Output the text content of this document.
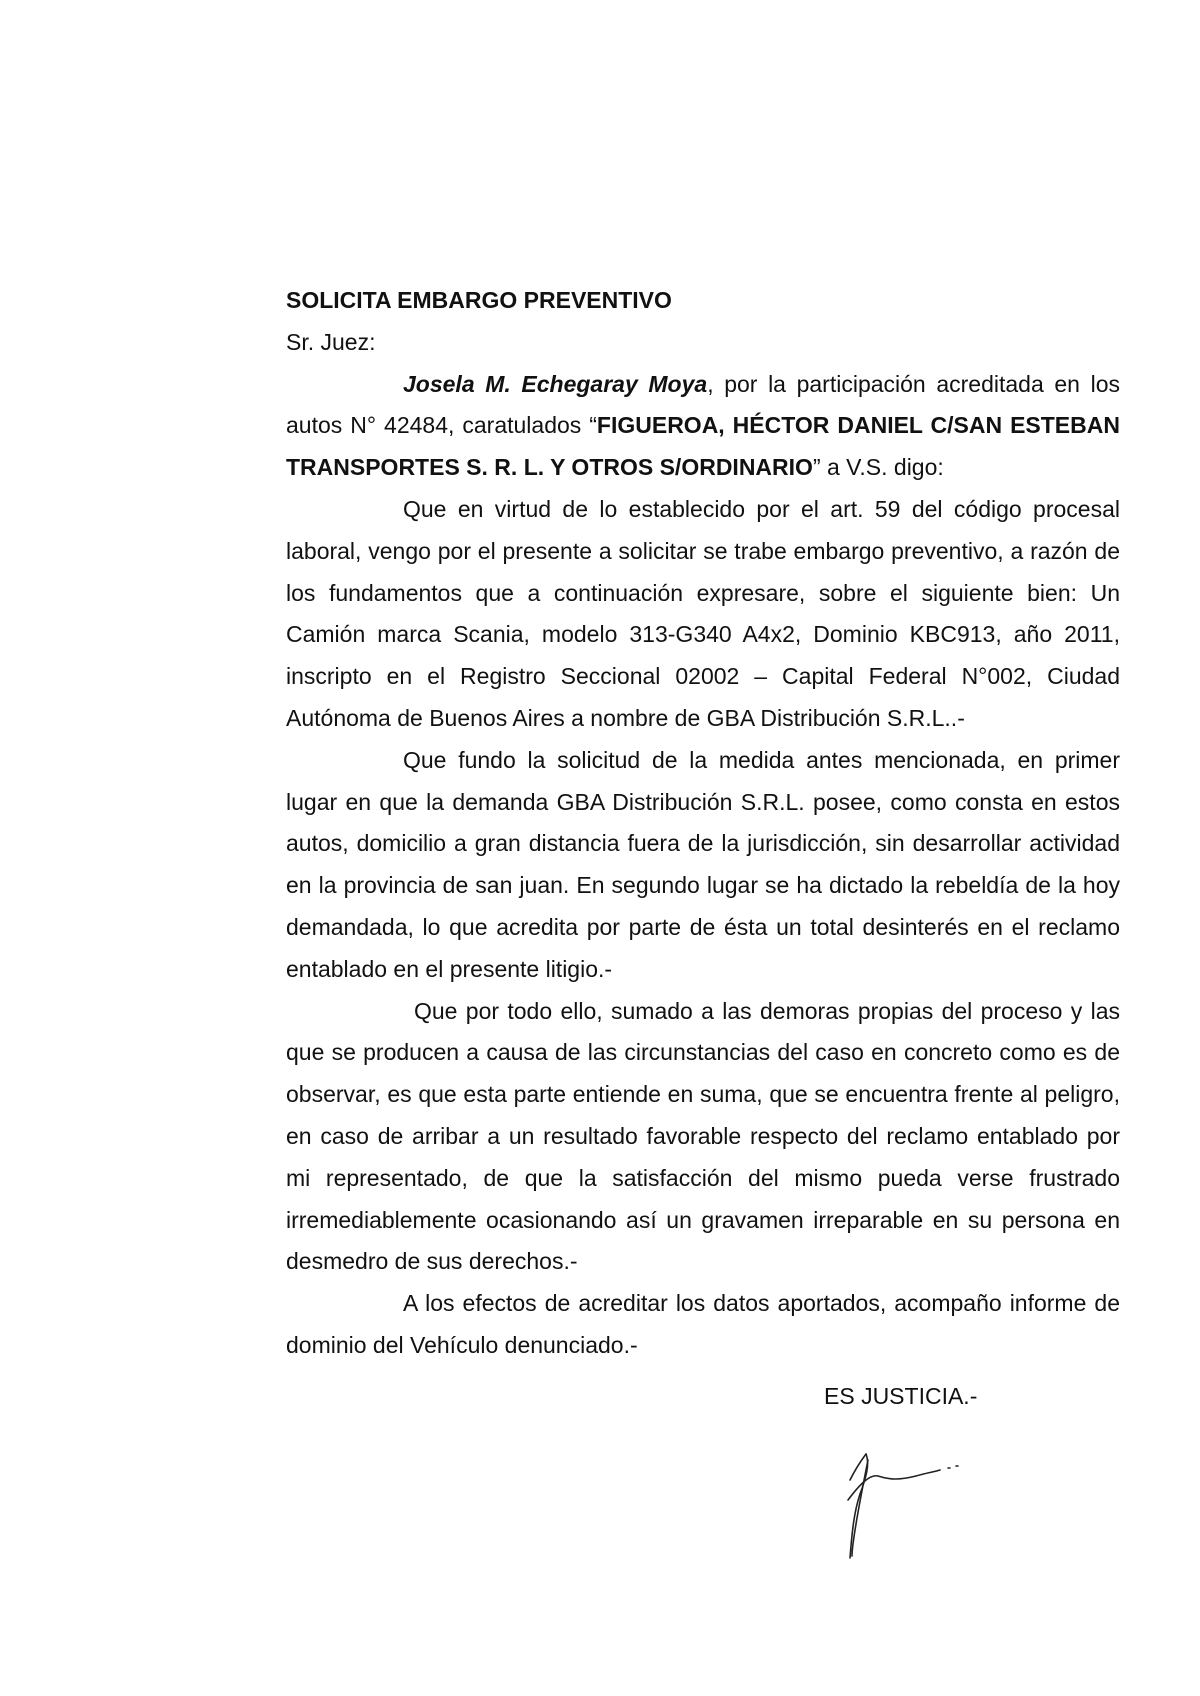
SOLICITA EMBARGO PREVENTIVO

Sr. Juez:

Josela M. Echegaray Moya, por la participación acreditada en los autos N° 42484, caratulados “FIGUEROA, HÉCTOR DANIEL C/SAN ESTEBAN TRANSPORTES S. R. L. Y OTROS S/ORDINARIO” a V.S. digo:

Que en virtud de lo establecido por el art. 59 del código procesal laboral, vengo por el presente a solicitar se trabe embargo preventivo, a razón de los fundamentos que a continuación expresare, sobre el siguiente bien: Un Camión marca Scania, modelo 313-G340 A4x2, Dominio KBC913, año 2011, inscripto en el Registro Seccional 02002 – Capital Federal N°002, Ciudad Autónoma de Buenos Aires a nombre de GBA Distribución S.R.L..-

Que fundo la solicitud de la medida antes mencionada, en primer lugar en que la demanda GBA Distribución S.R.L. posee, como consta en estos autos, domicilio a gran distancia fuera de la jurisdicción, sin desarrollar actividad en la provincia de san juan. En segundo lugar se ha dictado la rebeldía de la hoy demandada, lo que acredita por parte de ésta un total desinterés en el reclamo entablado en el presente litigio.-

Que por todo ello, sumado a las demoras propias del proceso y las que se producen a causa de las circunstancias del caso en concreto como es de observar, es que esta parte entiende en suma, que se encuentra frente al peligro, en caso de arribar a un resultado favorable respecto del reclamo entablado por mi representado, de que la satisfacción del mismo pueda verse frustrado irremediablemente ocasionando así un gravamen irreparable en su persona en desmedro de sus derechos.-

A los efectos de acreditar los datos aportados, acompaño informe de dominio del Vehículo denunciado.-

ES JUSTICIA.-
